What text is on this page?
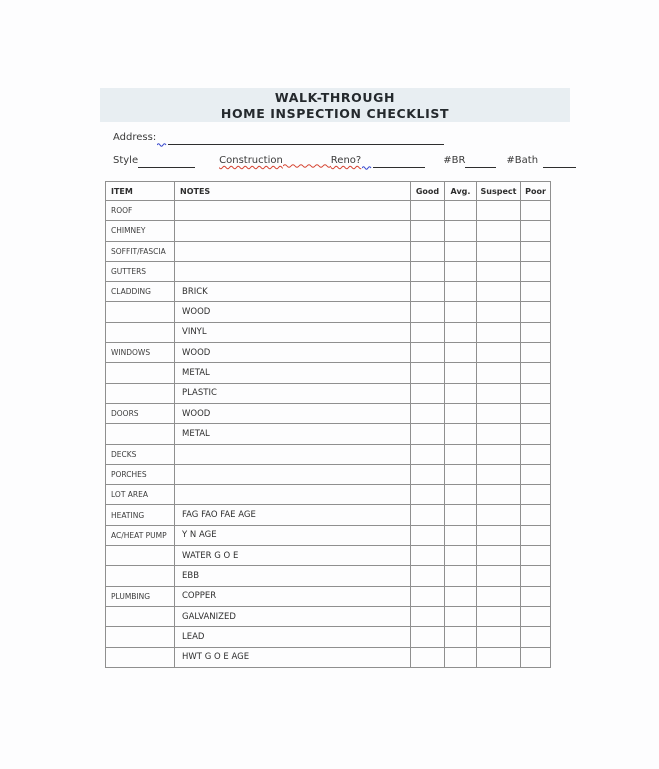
WALK-THROUGH
HOME INSPECTION CHECKLIST
Address:
Style	Construction	Reno?	#BR	#Bath
ITEM	NOTES	Good	Avg.	Suspect	Poor
ROOF					
CHIMNEY					
SOFFIT/FASCIA					
GUTTERS					
CLADDING	BRICK				
	WOOD				
	VINYL				
WINDOWS	WOOD				
	METAL				
	PLASTIC				
DOORS	WOOD				
	METAL				
DECKS					
PORCHES					
LOT AREA					
HEATING	FAG FAO FAE AGE				
AC/HEAT PUMP	Y N AGE				
	WATER G O E				
	EBB				
PLUMBING	COPPER				
	GALVANIZED				
	LEAD				
	HWT G O E AGE				
